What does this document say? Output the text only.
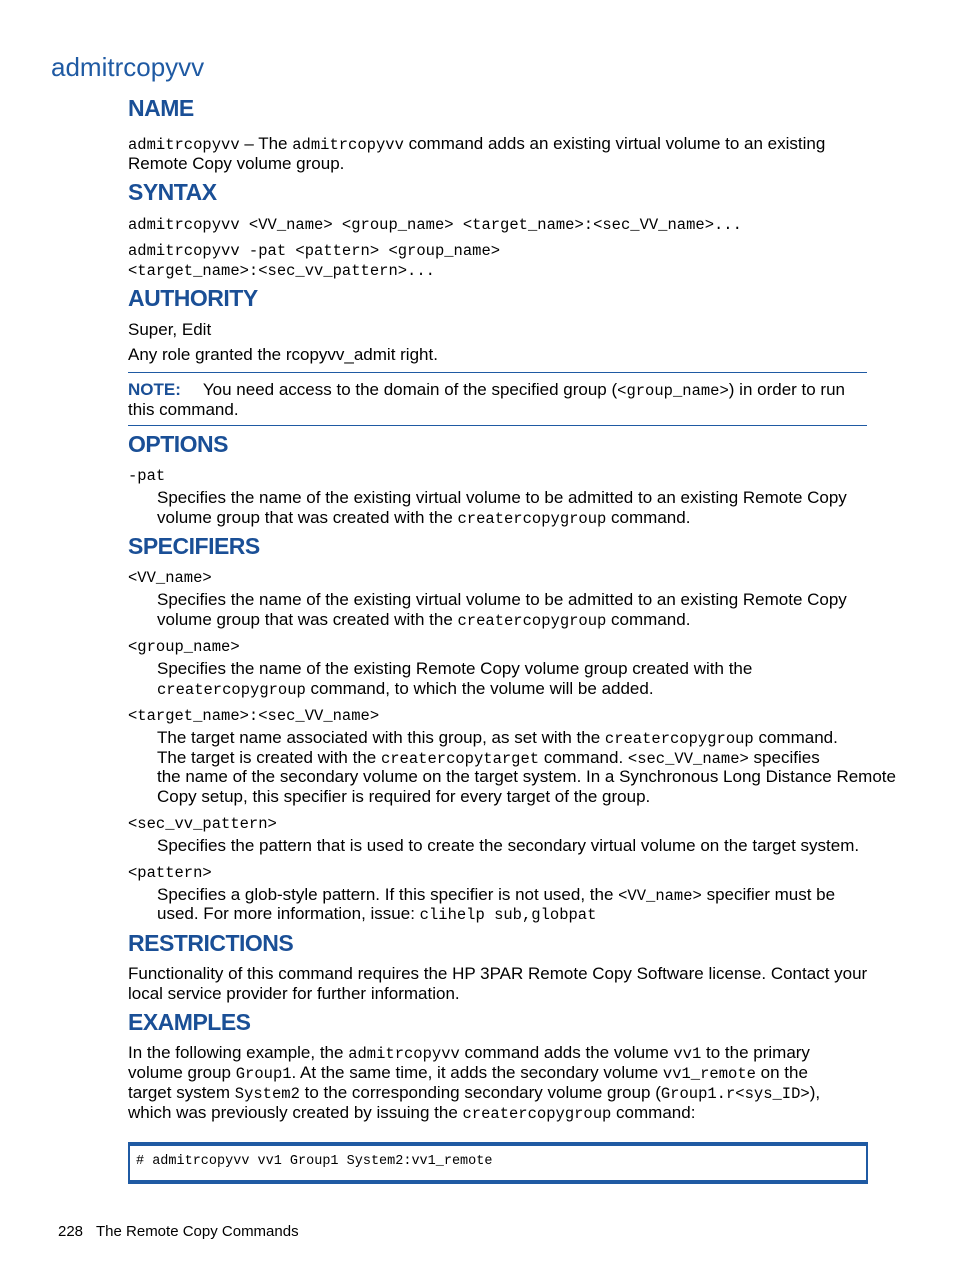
admitrcopyvv
NAME
admitrcopyvv – The admitrcopyvv command adds an existing virtual volume to an existing
Remote Copy volume group.
SYNTAX
admitrcopyvv <VV_name> <group_name> <target_name>:<sec_VV_name>...
admitrcopyvv -pat <pattern> <group_name>
<target_name>:<sec_vv_pattern>...
AUTHORITY
Super, Edit
Any role granted the rcopyvv_admit right.
NOTE: You need access to the domain of the specified group (<group_name>) in order to run
this command.
OPTIONS
-pat
Specifies the name of the existing virtual volume to be admitted to an existing Remote Copy
volume group that was created with the creatercopygroup command.
SPECIFIERS
<VV_name>
Specifies the name of the existing virtual volume to be admitted to an existing Remote Copy
volume group that was created with the creatercopygroup command.
<group_name>
Specifies the name of the existing Remote Copy volume group created with the
creatercopygroup command, to which the volume will be added.
<target_name>:<sec_VV_name>
The target name associated with this group, as set with the creatercopygroup command.
The target is created with the creatercopytarget command. <sec_VV_name> specifies
the name of the secondary volume on the target system. In a Synchronous Long Distance Remote
Copy setup, this specifier is required for every target of the group.
<sec_vv_pattern>
Specifies the pattern that is used to create the secondary virtual volume on the target system.
<pattern>
Specifies a glob-style pattern. If this specifier is not used, the <VV_name> specifier must be
used. For more information, issue: clihelp sub,globpat
RESTRICTIONS
Functionality of this command requires the HP 3PAR Remote Copy Software license. Contact your
local service provider for further information.
EXAMPLES
In the following example, the admitrcopyvv command adds the volume vv1 to the primary
volume group Group1. At the same time, it adds the secondary volume vv1_remote on the
target system System2 to the corresponding secondary volume group (Group1.r<sys_ID>),
which was previously created by issuing the creatercopygroup command:
# admitrcopyvv vv1 Group1 System2:vv1_remote
228 The Remote Copy Commands
